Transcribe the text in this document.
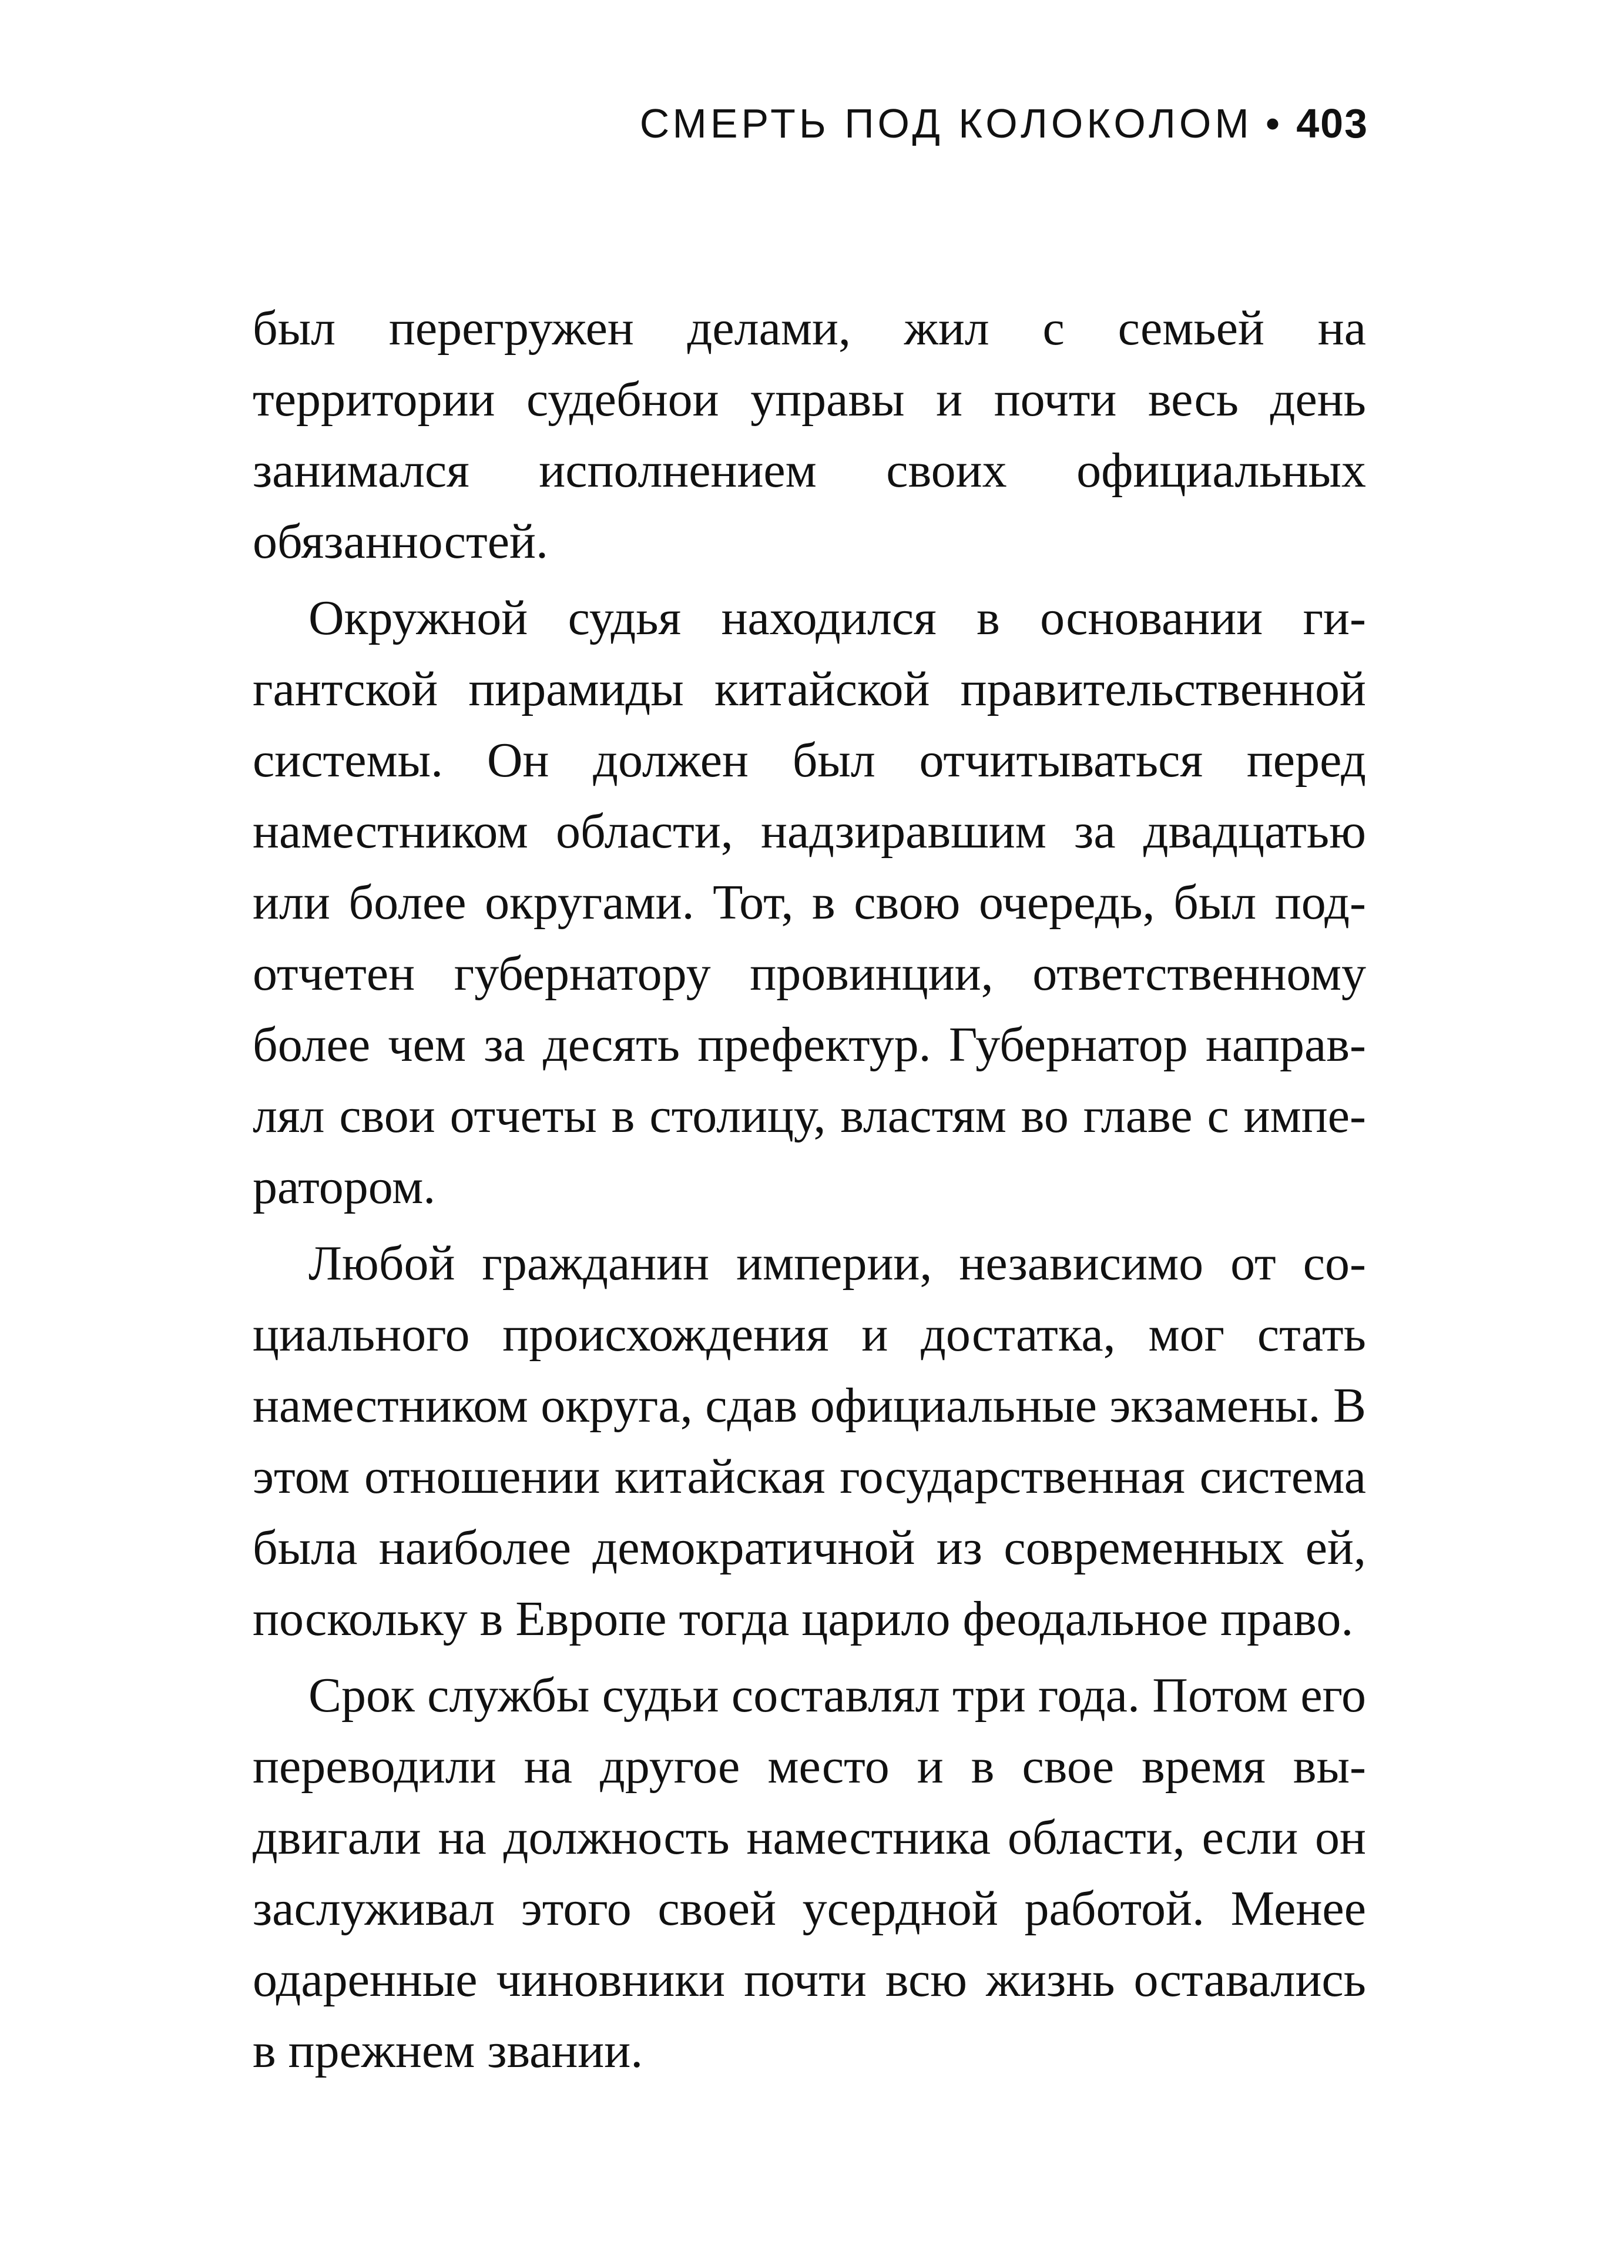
СМЕРТЬ ПОД КОЛОКОЛОМ • 403

был перегружен делами, жил с семьей на территории судебнои управы и почти весь день занимался исполнением своих официальных обязанностей.

Окружной судья находился в основании гигантской пирамиды китайской правительственной системы. Он должен был отчитываться перед наместником области, надзиравшим за двадцатью или более округами. Тот, в свою очередь, был подотчетен губернатору провинции, ответственному более чем за десять префектур. Губернатор направлял свои отчеты в столицу, властям во главе с императором.

Любой гражданин империи, независимо от социального происхождения и достатка, мог стать наместником округа, сдав официальные экзамены. В этом отношении китайская государственная система была наиболее демократичной из современных ей, поскольку в Европе тогда царило феодальное право.

Срок службы судьи составлял три года. Потом его переводили на другое место и в свое время выдвигали на должность наместника области, если он заслуживал этого своей усердной работой. Менее одаренные чиновники почти всю жизнь оставались в прежнем звании.
